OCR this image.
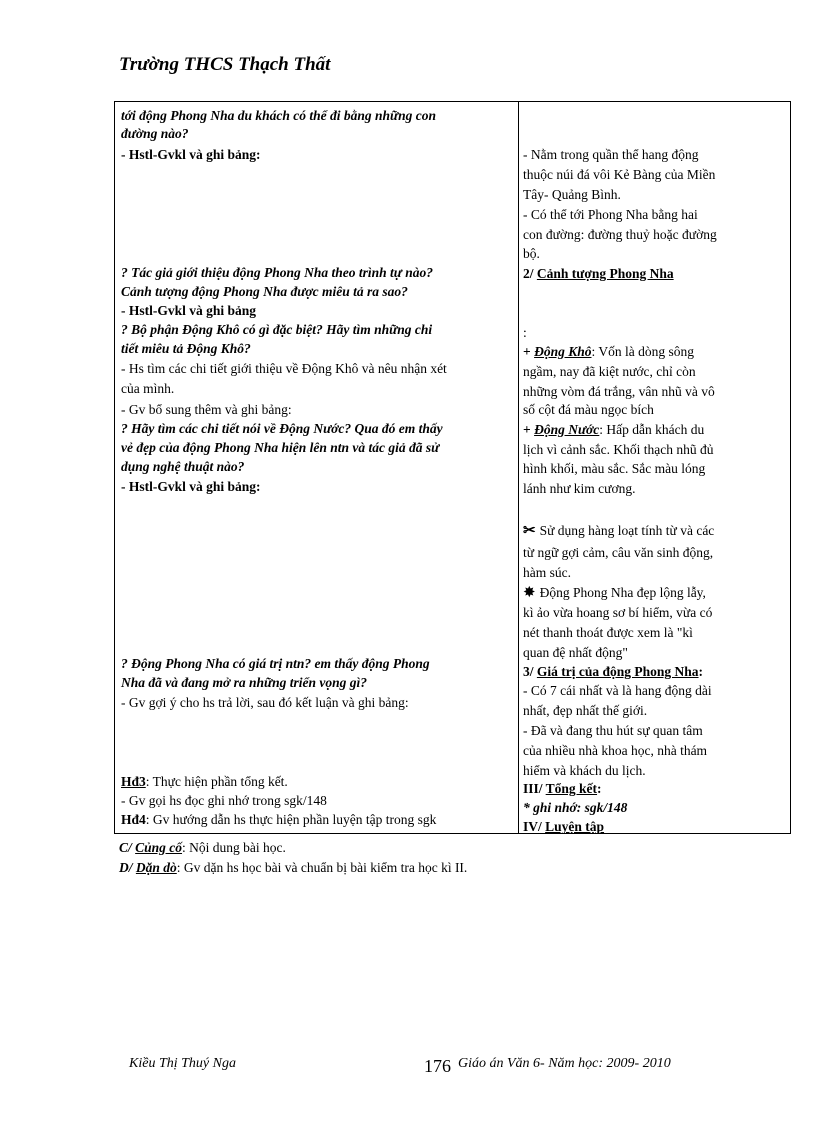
Trường THCS Thạch Thất
tới động Phong Nha du khách có thể đi bằng những con
đường nào?
- Hstl-Gvkl và ghi bảng:
? Tác giả giới thiệu động Phong Nha theo trình tự nào?
Cảnh tượng động Phong Nha được miêu tả ra sao?
- Hstl-Gvkl và ghi bảng
? Bộ phận Động Khô có gì đặc biệt? Hãy tìm những chi
tiết miêu tả Động Khô?
- Hs tìm các chi tiết giới thiệu về Động Khô và nêu nhận xét
của mình.
- Gv bổ sung thêm và ghi bảng:
? Hãy tìm các chi tiết nói về Động Nước? Qua đó em thấy
vẻ đẹp của động Phong Nha hiện lên ntn và tác giả đã sử
dụng nghệ thuật nào?
- Hstl-Gvkl và ghi bảng:
? Động Phong Nha có giá trị ntn? em thấy động Phong
Nha đã và đang mở ra những triển vọng gì?
- Gv gợi ý cho hs trả lời, sau đó kết luận và ghi bảng:
Hđ3: Thực hiện phần tổng kết.
- Gv gọi hs đọc ghi nhớ trong sgk/148
Hđ4: Gv hướng dẫn hs thực hiện phần luyện tập trong sgk
- Nằm trong quần thể hang động
thuộc núi đá vôi Kẻ Bàng của Miền
Tây- Quảng Bình.
- Có thể tới Phong Nha bằng hai
con đường: đường thuỷ hoặc đường
bộ.
2/ Cảnh tượng Phong Nha
:
+ Động Khô: Vốn là dòng sông
ngầm, nay đã kiệt nước, chỉ còn
những vòm đá trắng, vân nhũ và vô
số cột đá màu ngọc bích
+ Động Nước: Hấp dẫn khách du
lịch vì cảnh sắc. Khối thạch nhũ đủ
hình khối, màu sắc. Sắc màu lóng
lánh như kim cương.
✂ Sử dụng hàng loạt tính từ và các
từ ngữ gợi cảm, câu văn sinh động,
hàm súc.
✸ Động Phong Nha đẹp lộng lẫy,
kì ảo vừa hoang sơ bí hiểm, vừa có
nét thanh thoát được xem là "kì
quan đệ nhất động"
3/ Giá trị của động Phong Nha:
- Có 7 cái nhất và là hang động dài
nhất, đẹp nhất thế giới.
- Đã và đang thu hút sự quan tâm
của nhiều nhà khoa học, nhà thám
hiểm và khách du lịch.
III/ Tổng kết:
* ghi nhớ: sgk/148
IV/ Luyện tập
C/ Củng cố: Nội dung bài học.
D/ Dặn dò: Gv dặn hs học bài và chuẩn bị bài kiểm tra học kì II.
Kiều Thị Thuý Nga	176 Giáo án Văn 6- Năm học: 2009- 2010
